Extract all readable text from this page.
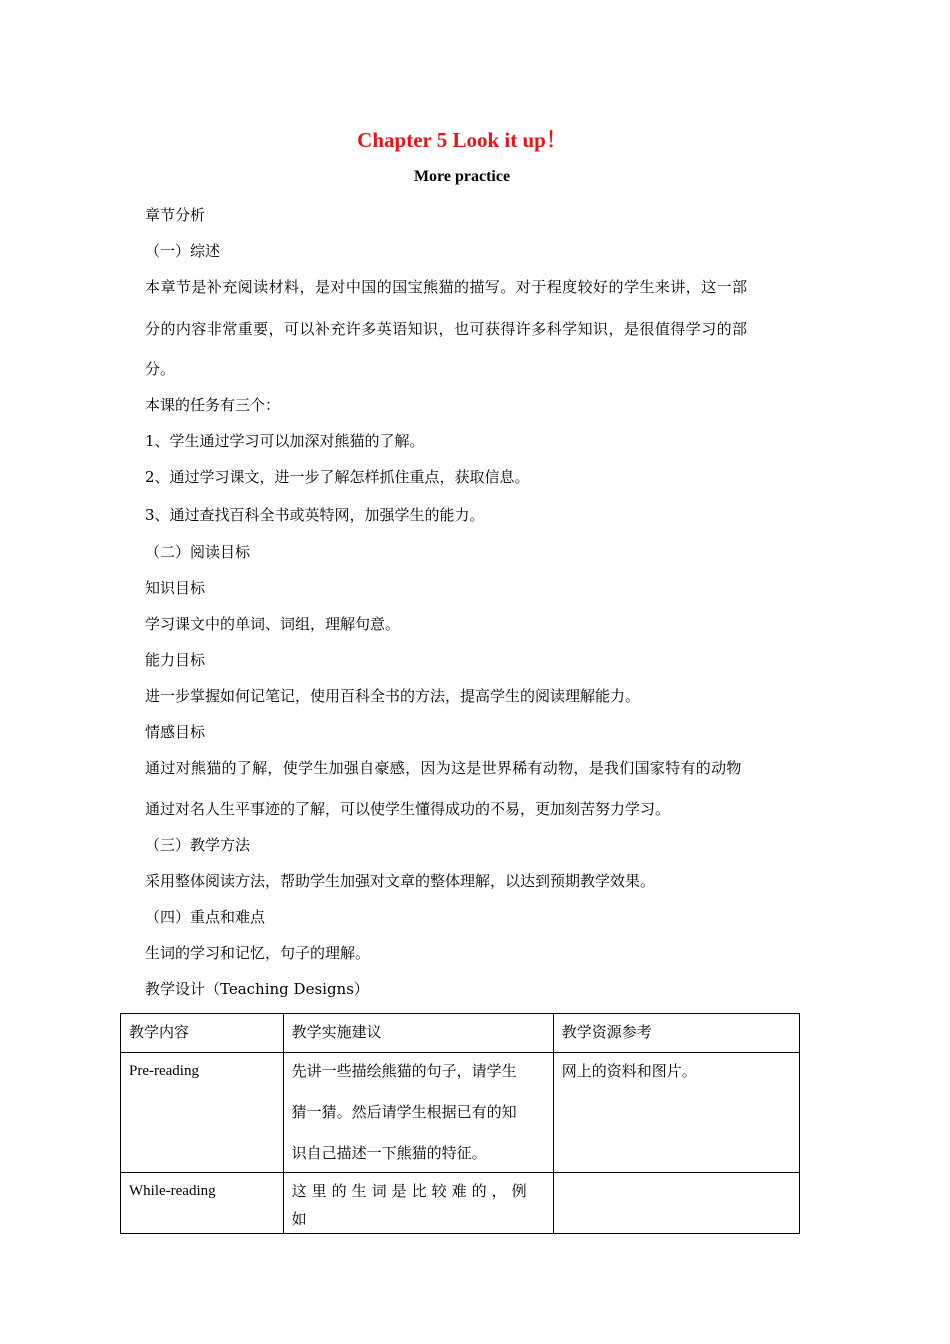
Chapter 5 Look it up！
More practice
章节分析
（一）综述
本章节是补充阅读材料，是对中国的国宝熊猫的描写。对于程度较好的学生来讲，这一部
分的内容非常重要，可以补充许多英语知识，也可获得许多科学知识，是很值得学习的部
分。
本课的任务有三个：
1、学生通过学习可以加深对熊猫的了解。
2、通过学习课文，进一步了解怎样抓住重点，获取信息。
3、通过查找百科全书或英特网，加强学生的能力。
（二）阅读目标
知识目标
学习课文中的单词、词组，理解句意。
能力目标
进一步掌握如何记笔记，使用百科全书的方法，提高学生的阅读理解能力。
情感目标
通过对熊猫的了解，使学生加强自豪感，因为这是世界稀有动物，是我们国家特有的动物
通过对名人生平事迹的了解，可以使学生懂得成功的不易，更加刻苦努力学习。
（三）教学方法
采用整体阅读方法，帮助学生加强对文章的整体理解，以达到预期教学效果。
（四）重点和难点
生词的学习和记忆，句子的理解。
教学设计（Teaching Designs）
教学内容	教学实施建议	教学资源参考
Pre-reading	先讲一些描绘熊猫的句子，请学生
猜一猜。然后请学生根据已有的知
识自己描述一下熊猫的特征。	网上的资料和图片。
While-reading	这里的生词是比较难的，例如	
